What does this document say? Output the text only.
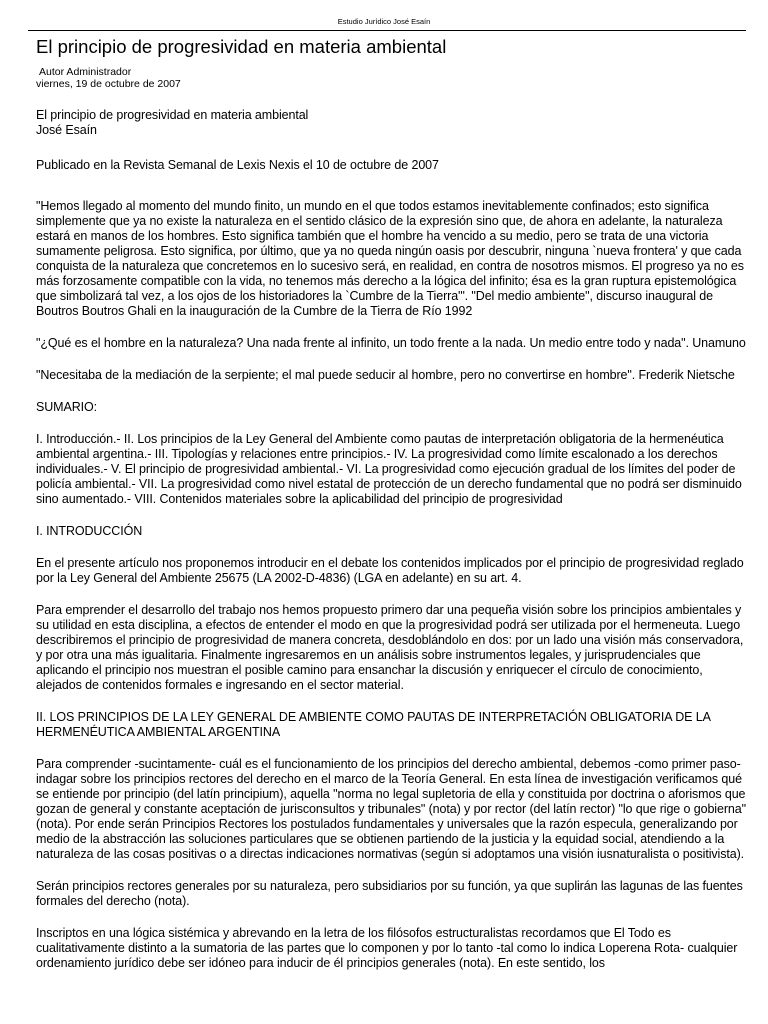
Estudio Jurídico José Esaín
El principio de progresividad en materia ambiental
Autor Administrador
viernes, 19 de octubre de 2007

El principio de progresividad en materia ambiental
José Esaín

Publicado en la Revista Semanal de Lexis Nexis el 10 de octubre de 2007

"Hemos llegado al momento del mundo finito, un mundo en el que todos estamos inevitablemente confinados; esto significa simplemente que ya no existe la naturaleza en el sentido clásico de la expresión sino que, de ahora en adelante, la naturaleza estará en manos de los hombres. Esto significa también que el hombre ha vencido a su medio, pero se trata de una victoria sumamente peligrosa. Esto significa, por último, que ya no queda ningún oasis por descubrir, ninguna `nueva frontera' y que cada conquista de la naturaleza que concretemos en lo sucesivo será, en realidad, en contra de nosotros mismos. El progreso ya no es más forzosamente compatible con la vida, no tenemos más derecho a la lógica del infinito; ésa es la gran ruptura epistemológica que simbolizará tal vez, a los ojos de los historiadores la `Cumbre de la Tierra'". "Del medio ambiente", discurso inaugural de Boutros Boutros Ghali en la inauguración de la Cumbre de la Tierra de Río 1992

"¿Qué es el hombre en la naturaleza? Una nada frente al infinito, un todo frente a la nada. Un medio entre todo y nada". Unamuno

"Necesitaba de la mediación de la serpiente; el mal puede seducir al hombre, pero no convertirse en hombre". Frederik Nietsche

SUMARIO:

I. Introducción.- II. Los principios de la Ley General del Ambiente como pautas de interpretación obligatoria de la hermenéutica ambiental argentina.- III. Tipologías y relaciones entre principios.- IV. La progresividad como límite escalonado a los derechos individuales.- V. El principio de progresividad ambiental.- VI. La progresividad como ejecución gradual de los límites del poder de policía ambiental.- VII. La progresividad como nivel estatal de protección de un derecho fundamental que no podrá ser disminuido sino aumentado.- VIII. Contenidos materiales sobre la aplicabilidad del principio de progresividad

I. INTRODUCCIÓN

En el presente artículo nos proponemos introducir en el debate los contenidos implicados por el principio de progresividad reglado por la Ley General del Ambiente 25675 (LA 2002-D-4836) (LGA en adelante) en su art. 4.

Para emprender el desarrollo del trabajo nos hemos propuesto primero dar una pequeña visión sobre los principios ambientales y su utilidad en esta disciplina, a efectos de entender el modo en que la progresividad podrá ser utilizada por el hermeneuta. Luego describiremos el principio de progresividad de manera concreta, desdoblándolo en dos: por un lado una visión más conservadora, y por otra una más igualitaria. Finalmente ingresaremos en un análisis sobre instrumentos legales, y jurisprudenciales que aplicando el principio nos muestran el posible camino para ensanchar la discusión y enriquecer el círculo de conocimiento, alejados de contenidos formales e ingresando en el sector material.

II. LOS PRINCIPIOS DE LA LEY GENERAL DE AMBIENTE COMO PAUTAS DE INTERPRETACIÓN OBLIGATORIA DE LA HERMENÉUTICA AMBIENTAL ARGENTINA

Para comprender -sucintamente- cuál es el funcionamiento de los principios del derecho ambiental, debemos -como primer paso- indagar sobre los principios rectores del derecho en el marco de la Teoría General. En esta línea de investigación verificamos qué se entiende por principio (del latín principium), aquella "norma no legal supletoria de ella y constituida por doctrina o aforismos que gozan de general y constante aceptación de jurisconsultos y tribunales" (nota) y por rector (del latín rector) "lo que rige o gobierna" (nota). Por ende serán Principios Rectores los postulados fundamentales y universales que la razón especula, generalizando por medio de la abstracción las soluciones particulares que se obtienen partiendo de la justicia y la equidad social, atendiendo a la naturaleza de las cosas positivas o a directas indicaciones normativas (según si adoptamos una visión iusnaturalista o positivista).

Serán principios rectores generales por su naturaleza, pero subsidiarios por su función, ya que suplirán las lagunas de las fuentes formales del derecho (nota).

Inscriptos en una lógica sistémica y abrevando en la letra de los filósofos estructuralistas recordamos que El Todo es cualitativamente distinto a la sumatoria de las partes que lo componen y por lo tanto -tal como lo indica Loperena Rota- cualquier ordenamiento jurídico debe ser idóneo para inducir de él principios generales (nota). En este sentido, los
